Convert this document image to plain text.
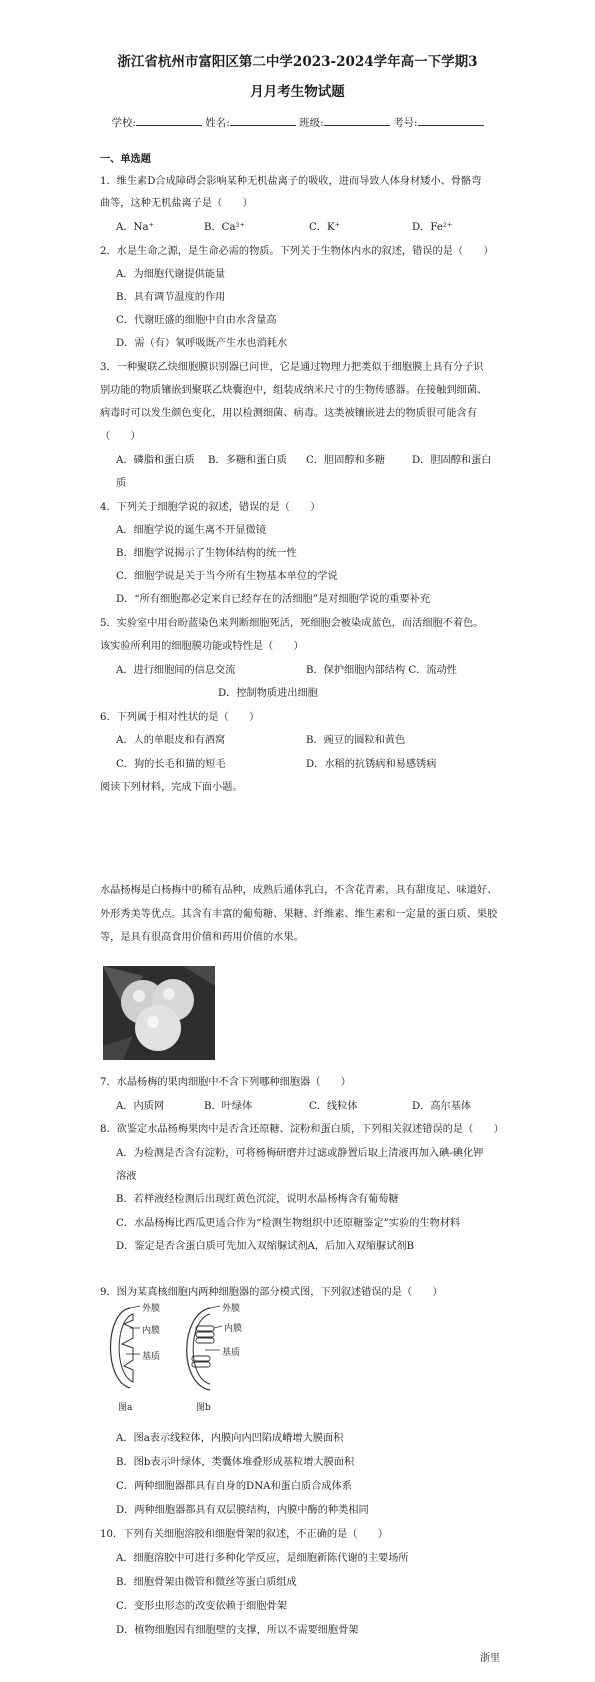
浙江省杭州市富阳区第二中学2023-2024学年高一下学期3
月月考生物试题
学校:	姓名:	班级:	考号:
一、单选题
1．维生素D合成障碍会影响某种无机盐离子的吸收，进而导致人体身材矮小、骨骼弯
曲等，这种无机盐离子是（　　）
A．Na⁺	B．Ca²⁺	C．K⁺	D．Fe²⁺
2．水是生命之源，是生命必需的物质。下列关于生物体内水的叙述，错误的是（　　）
A．为细胞代谢提供能量
B．具有调节温度的作用
C．代谢旺盛的细胞中自由水含量高
D．需（有）氧呼吸既产生水也消耗水
3．一种聚联乙炔细胞膜识别器已问世，它是通过物理力把类似于细胞膜上具有分子识
别功能的物质镶嵌到聚联乙炔囊泡中，组装成纳米尺寸的生物传感器。在接触到细菌、
病毒时可以发生颜色变化，用以检测细菌、病毒。这类被镶嵌进去的物质很可能含有
（　　）
A．磷脂和蛋白质 B．多糖和蛋白质 C．胆固醇和多糖	D．胆固醇和蛋白
质
4．下列关于细胞学说的叙述，错误的是（　　）
A．细胞学说的诞生离不开显微镜
B．细胞学说揭示了生物体结构的统一性
C．细胞学说是关于当今所有生物基本单位的学说
D．“所有细胞都必定来自已经存在的活细胞”是对细胞学说的重要补充
5．实验室中用台盼蓝染色来判断细胞死活，死细胞会被染成蓝色，而活细胞不着色。
该实验所利用的细胞膜功能或特性是（　　）
A．进行细胞间的信息交流	B．保护细胞内部结构 C．流动性
D．控制物质进出细胞
6．下列属于相对性状的是（　　）
A．人的单眼皮和有酒窝	B．豌豆的圆粒和黄色
C．狗的长毛和猫的短毛	D．水稻的抗锈病和易感锈病
阅读下列材料，完成下面小题。
水晶杨梅是白杨梅中的稀有品种，成熟后通体乳白，不含花青素，具有甜度足、味道好、
外形秀美等优点。其含有丰富的葡萄糖、果糖、纤维素、维生素和一定量的蛋白质、果胶
等，是具有很高食用价值和药用价值的水果。
7．水晶杨梅的果肉细胞中不含下列哪种细胞器（　　）
A．内质网	B．叶绿体	C．线粒体	D．高尔基体
8．欲鉴定水晶杨梅果肉中是否含还原糖、淀粉和蛋白质，下列相关叙述错误的是（　　）
A．为检测是否含有淀粉，可将杨梅研磨并过滤或静置后取上清液再加入碘-碘化钾
溶液
B．若样液经检测后出现红黄色沉淀，说明水晶杨梅含有葡萄糖
C．水晶杨梅比西瓜更适合作为“检测生物组织中还原糖鉴定”实验的生物材料
D．鉴定是否含蛋白质可先加入双缩脲试剂A，后加入双缩脲试剂B
9．图为某真核细胞内两种细胞器的部分模式图，下列叙述错误的是（　　）
A．图a表示线粒体，内膜向内凹陷成嵴增大膜面积
B．图b表示叶绿体，类囊体堆叠形成基粒增大膜面积
C．两种细胞器都具有自身的DNA和蛋白质合成体系
D．两种细胞器都具有双层膜结构，内膜中酶的种类相同
10．下列有关细胞溶胶和细胞骨架的叙述，不正确的是（　　）
A．细胞溶胶中可进行多种化学反应，是细胞新陈代谢的主要场所
B．细胞骨架由微管和微丝等蛋白质组成
C．变形虫形态的改变依赖于细胞骨架
D．植物细胞因有细胞壁的支撑，所以不需要细胞骨架
外膜
内膜
基质
图a
外膜
内膜
基质
图b
浙里
